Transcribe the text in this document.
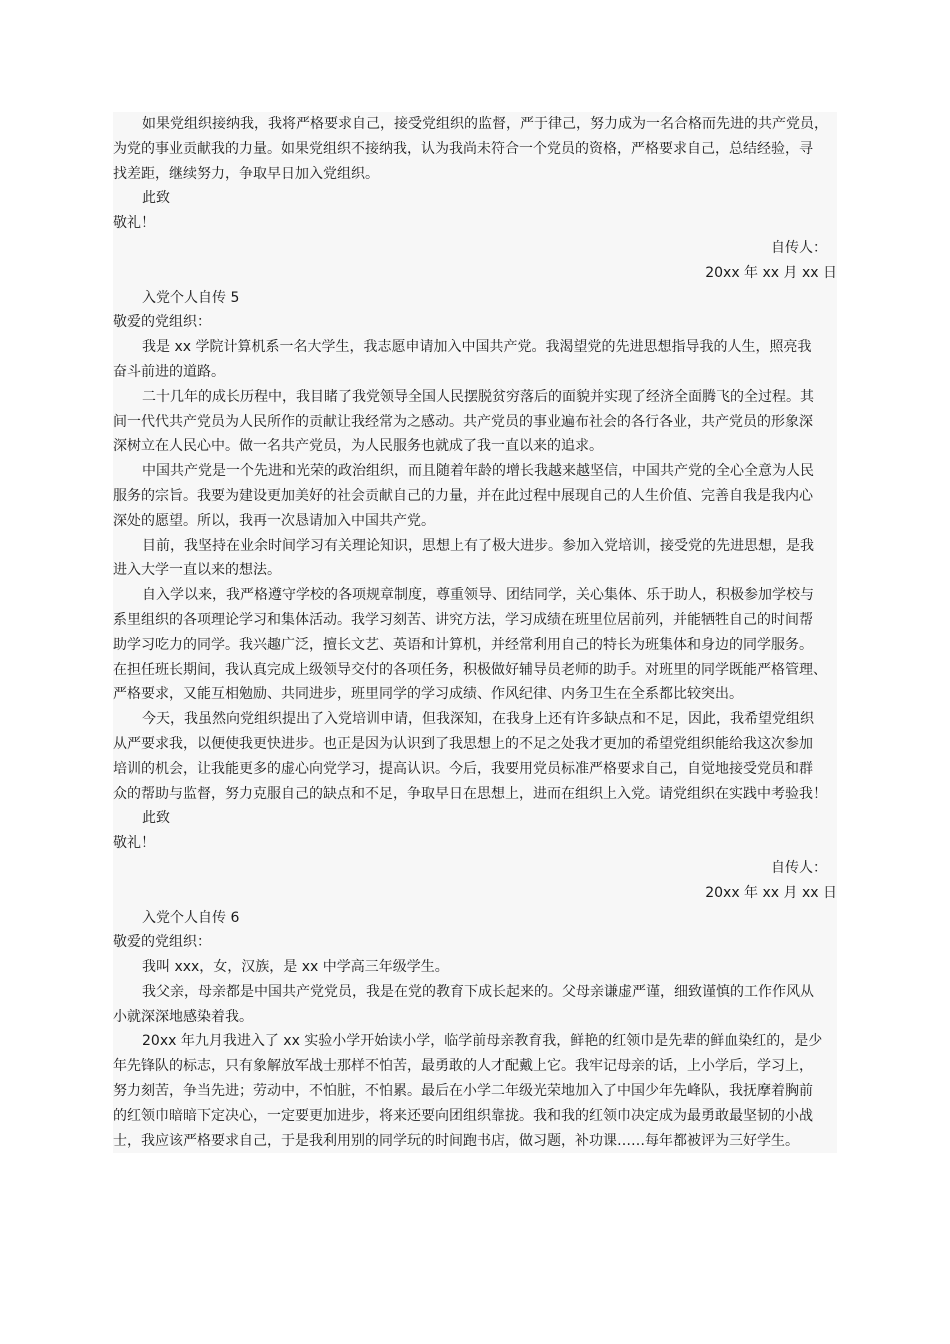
如果党组织接纳我，我将严格要求自己，接受党组织的监督，严于律己，努力成为一名合格而先进的共产党员，
为党的事业贡献我的力量。如果党组织不接纳我，认为我尚未符合一个党员的资格，严格要求自己，总结经验，寻
找差距，继续努力，争取早日加入党组织。
此致
敬礼！
自传人：
20xx 年 xx 月 xx 日
入党个人自传 5
敬爱的党组织：
我是 xx 学院计算机系一名大学生，我志愿申请加入中国共产党。我渴望党的先进思想指导我的人生，照亮我
奋斗前进的道路。
二十几年的成长历程中，我目睹了我党领导全国人民摆脱贫穷落后的面貌并实现了经济全面腾飞的全过程。其
间一代代共产党员为人民所作的贡献让我经常为之感动。共产党员的事业遍布社会的各行各业，共产党员的形象深
深树立在人民心中。做一名共产党员，为人民服务也就成了我一直以来的追求。
中国共产党是一个先进和光荣的政治组织，而且随着年龄的增长我越来越坚信，中国共产党的全心全意为人民
服务的宗旨。我要为建设更加美好的社会贡献自己的力量，并在此过程中展现自己的人生价值、完善自我是我内心
深处的愿望。所以，我再一次恳请加入中国共产党。
目前，我坚持在业余时间学习有关理论知识，思想上有了极大进步。参加入党培训，接受党的先进思想，是我
进入大学一直以来的想法。
自入学以来，我严格遵守学校的各项规章制度，尊重领导、团结同学，关心集体、乐于助人，积极参加学校与
系里组织的各项理论学习和集体活动。我学习刻苦、讲究方法，学习成绩在班里位居前列，并能牺牲自己的时间帮
助学习吃力的同学。我兴趣广泛，擅长文艺、英语和计算机，并经常利用自己的特长为班集体和身边的同学服务。
在担任班长期间，我认真完成上级领导交付的各项任务，积极做好辅导员老师的助手。对班里的同学既能严格管理、
严格要求，又能互相勉励、共同进步，班里同学的学习成绩、作风纪律、内务卫生在全系都比较突出。
今天，我虽然向党组织提出了入党培训申请，但我深知，在我身上还有许多缺点和不足，因此，我希望党组织
从严要求我，以便使我更快进步。也正是因为认识到了我思想上的不足之处我才更加的希望党组织能给我这次参加
培训的机会，让我能更多的虚心向党学习，提高认识。今后，我要用党员标准严格要求自己，自觉地接受党员和群
众的帮助与监督，努力克服自己的缺点和不足，争取早日在思想上，进而在组织上入党。请党组织在实践中考验我！
此致
敬礼！
自传人：
20xx 年 xx 月 xx 日
入党个人自传 6
敬爱的党组织：
我叫 xxx，女，汉族，是 xx 中学高三年级学生。
我父亲，母亲都是中国共产党党员，我是在党的教育下成长起来的。父母亲谦虚严谨，细致谨慎的工作作风从
小就深深地感染着我。
20xx 年九月我进入了 xx 实验小学开始读小学，临学前母亲教育我，鲜艳的红领巾是先辈的鲜血染红的，是少
年先锋队的标志，只有象解放军战士那样不怕苦，最勇敢的人才配戴上它。我牢记母亲的话，上小学后，学习上，
努力刻苦，争当先进；劳动中，不怕脏，不怕累。最后在小学二年级光荣地加入了中国少年先峰队，我抚摩着胸前
的红领巾暗暗下定决心，一定要更加进步，将来还要向团组织靠拢。我和我的红领巾决定成为最勇敢最坚韧的小战
士，我应该严格要求自己，于是我利用别的同学玩的时间跑书店，做习题，补功课……每年都被评为三好学生。
